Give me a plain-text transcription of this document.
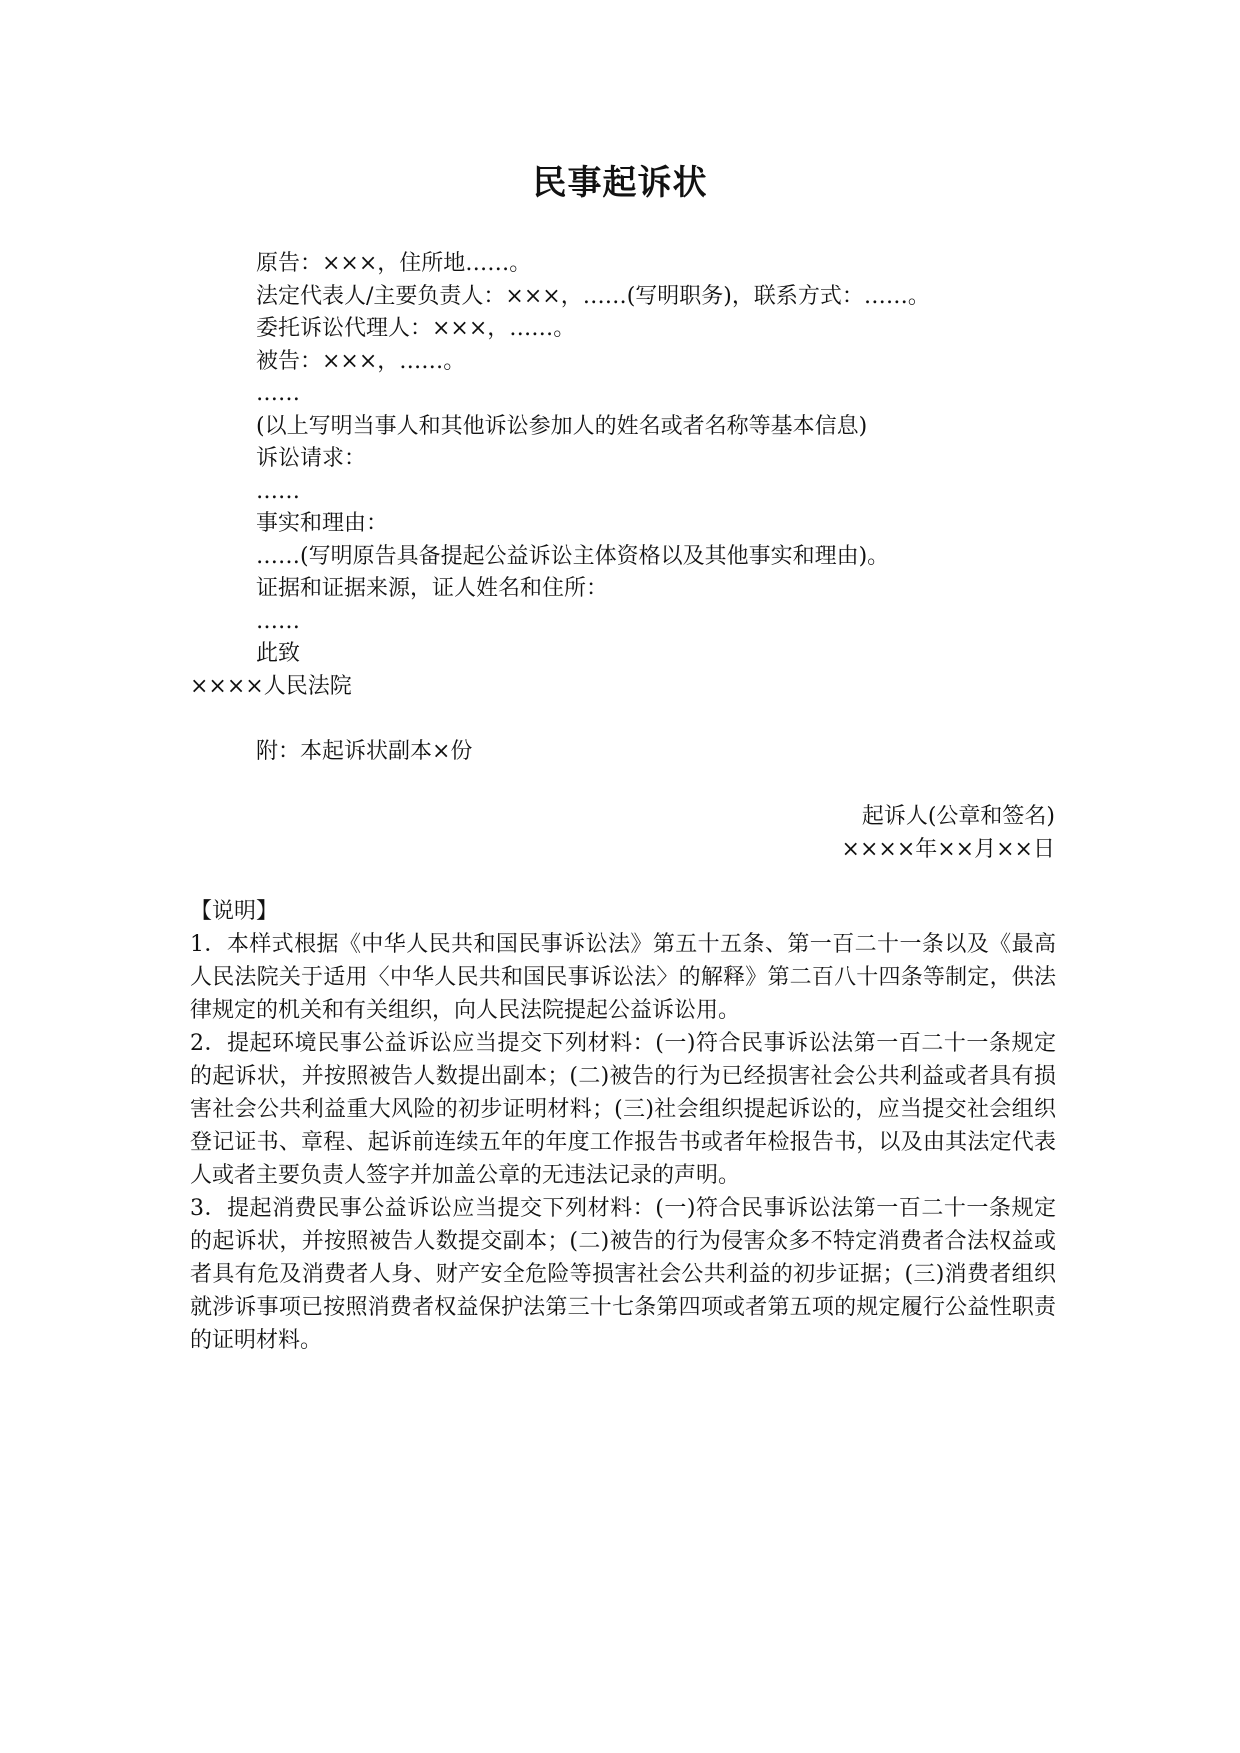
民事起诉状
原告：×××，住所地……。
法定代表人/主要负责人：×××，……(写明职务)，联系方式：……。
委托诉讼代理人：×××，……。
被告：×××，……。
……
(以上写明当事人和其他诉讼参加人的姓名或者名称等基本信息)
诉讼请求：
……
事实和理由：
……(写明原告具备提起公益诉讼主体资格以及其他事实和理由)。
证据和证据来源，证人姓名和住所：
……
此致
××××人民法院
附：本起诉状副本×份
起诉人(公章和签名)
××××年××月××日

【说明】

1．本样式根据《中华人民共和国民事诉讼法》第五十五条、第一百二十一条以及《最高人民法院关于适用〈中华人民共和国民事诉讼法〉的解释》第二百八十四条等制定，供法律规定的机关和有关组织，向人民法院提起公益诉讼用。

2．提起环境民事公益诉讼应当提交下列材料：(一)符合民事诉讼法第一百二十一条规定的起诉状，并按照被告人数提出副本；(二)被告的行为已经损害社会公共利益或者具有损害社会公共利益重大风险的初步证明材料；(三)社会组织提起诉讼的，应当提交社会组织登记证书、章程、起诉前连续五年的年度工作报告书或者年检报告书，以及由其法定代表人或者主要负责人签字并加盖公章的无违法记录的声明。

3．提起消费民事公益诉讼应当提交下列材料：(一)符合民事诉讼法第一百二十一条规定的起诉状，并按照被告人数提交副本；(二)被告的行为侵害众多不特定消费者合法权益或者具有危及消费者人身、财产安全危险等损害社会公共利益的初步证据；(三)消费者组织就涉诉事项已按照消费者权益保护法第三十七条第四项或者第五项的规定履行公益性职责的证明材料。
